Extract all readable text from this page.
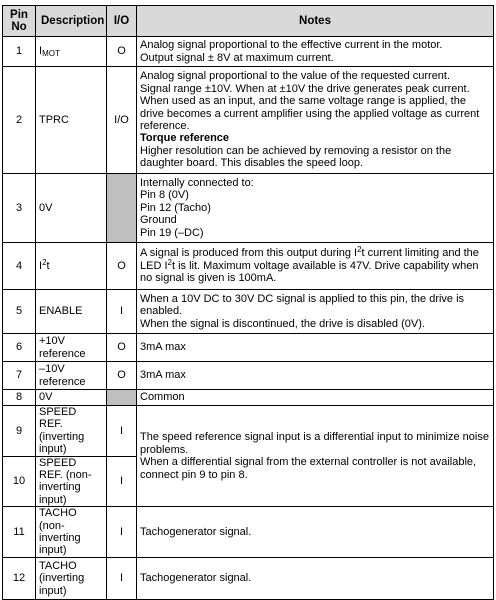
Pin No	Description	I/O	Notes
1	$I_{MOT}$	O	Analog signal proportional to the effective current in the motor.
Output signal ± 8V at maximum current.

2	TPRC	I/O	Analog signal proportional to the value of the requested current.
Signal range ±10V. When at ±10V the drive generates peak current.
When used as an input, and the same voltage range is applied, the drive becomes a current amplifier using the applied voltage as current reference.
Torque reference
Higher resolution can be achieved by removing a resistor on the daughter board. This disables the speed loop.

3	0V		Internally connected to:
Pin 8 (0V)
Pin 12 (Tacho)
Ground
Pin 19 (–DC)

4	$I^2t$	O	A signal is produced from this output during $I^2t$ current limiting and the LED $I^2t$ is lit. Maximum voltage available is 47V. Drive capability when no signal is given is 100mA.
5	ENABLE	I	When a 10V DC to 30V DC signal is applied to this pin, the drive is enabled.
When the signal is discontinued, the drive is disabled (0V).

6	+10V reference	O	3mA max
7	–10V reference	O	3mA max
8	0V		Common
9	SPEED REF. (inverting input)	I	The speed reference signal input is a differential input to minimize noise problems.
When a differential signal from the external controller is not available, connect pin 9 to pin 8.

10	SPEED REF. (non-inverting input)	I	
11	TACHO (non-inverting input)	I	Tachogenerator signal.
12	TACHO (inverting input)	I	Tachogenerator signal.
